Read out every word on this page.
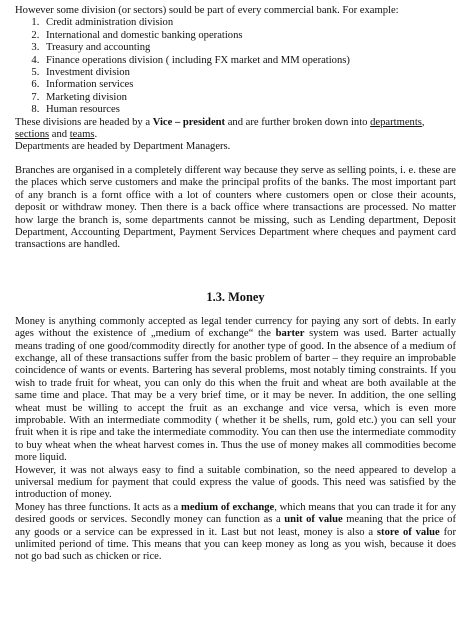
However some division (or sectors) sould be part of every commercial bank. For example:

1. Credit administration division
2. International and domestic banking operations
3. Treasury and accounting
4. Finance operations division ( including FX market and MM operations)
5. Investment division
6. Information services
7. Marketing division
8. Human resources

These divisions are headed by a Vice – president and are further broken down into departments, sections and teams.

Departments are headed by Department Managers.

Branches are organised in a completely different way because they serve as selling points, i. e. these are the places which serve customers and make the principal profits of the banks. The most important part of any branch is a fornt office with a lot of counters where customers open or close their acounts, deposit or withdraw money. Then there is a back office where transactions are processed. No matter how large the branch is, some departments cannot be missing, such as Lending department, Deposit Department, Accounting Department, Payment Services Department where cheques and payment card transactions are handled.

1.3. Money

Money is anything commonly accepted as legal tender currency for paying any sort of debts. In early ages without the existence of „medium of exchange“ the barter system was used. Barter actually means trading of one good/commodity directly for another type of good. In the absence of a medium of exchange, all of these transactions suffer from the basic problem of barter – they require an improbable coincidence of wants or events. Bartering has several problems, most notably timing constraints. If you wish to trade fruit for wheat, you can only do this when the fruit and wheat are both available at the same time and place. That may be a very brief time, or it may be never. In addition, the one selling wheat must be willing to accept the fruit as an exchange and vice versa, which is even more improbable. With an intermediate commodity ( whether it be shells, rum, gold etc.) you can sell your fruit when it is ripe and take the intermediate commodity. You can then use the intermediate commodity to buy wheat when the wheat harvest comes in. Thus the use of money makes all commodities become more liquid.

However, it was not always easy to find a suitable combination, so the need appeared to develop a universal medium for payment that could express the value of goods. This need was satisfied by the introduction of money.

Money has three functions. It acts as a medium of exchange, which means that you can trade it for any desired goods or services. Secondly money can function as a unit of value meaning that the price of any goods or a service can be expressed in it. Last but not least, money is also a store of value for unlimited periond of time. This means that you can keep money as long as you wish, because it does not go bad such as chicken or rice.
